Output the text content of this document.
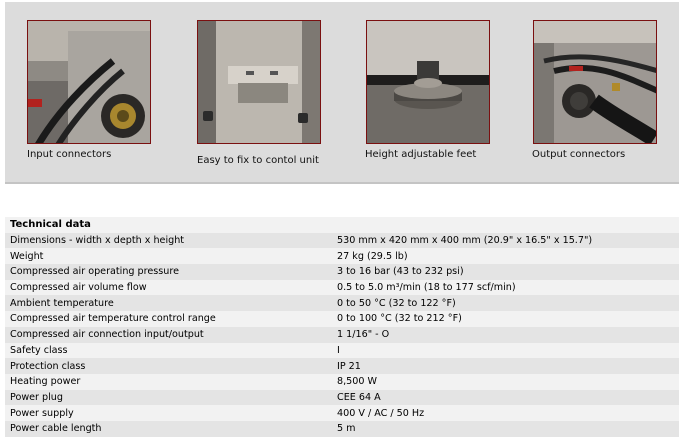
Input connectors
Easy to fix to contol unit
Height adjustable feet	Output connectors
Technical data	
Dimensions - width x depth x height	530 mm x 420 mm x 400 mm (20.9" x 16.5" x 15.7")
Weight	27 kg (29.5 lb)
Compressed air operating pressure	3 to 16 bar (43 to 232 psi)
Compressed air volume flow	0.5 to 5.0 m³/min (18 to 177 scf/min)
Ambient temperature	0 to 50 °C (32 to 122 °F)
Compressed air temperature control range	0 to 100 °C (32 to 212 °F)
Compressed air connection input/output	1 1/16" - O
Safety class	I
Protection class	IP 21
Heating power	8,500 W
Power plug	CEE 64 A
Power supply	400 V / AC / 50 Hz
Power cable length	5 m
